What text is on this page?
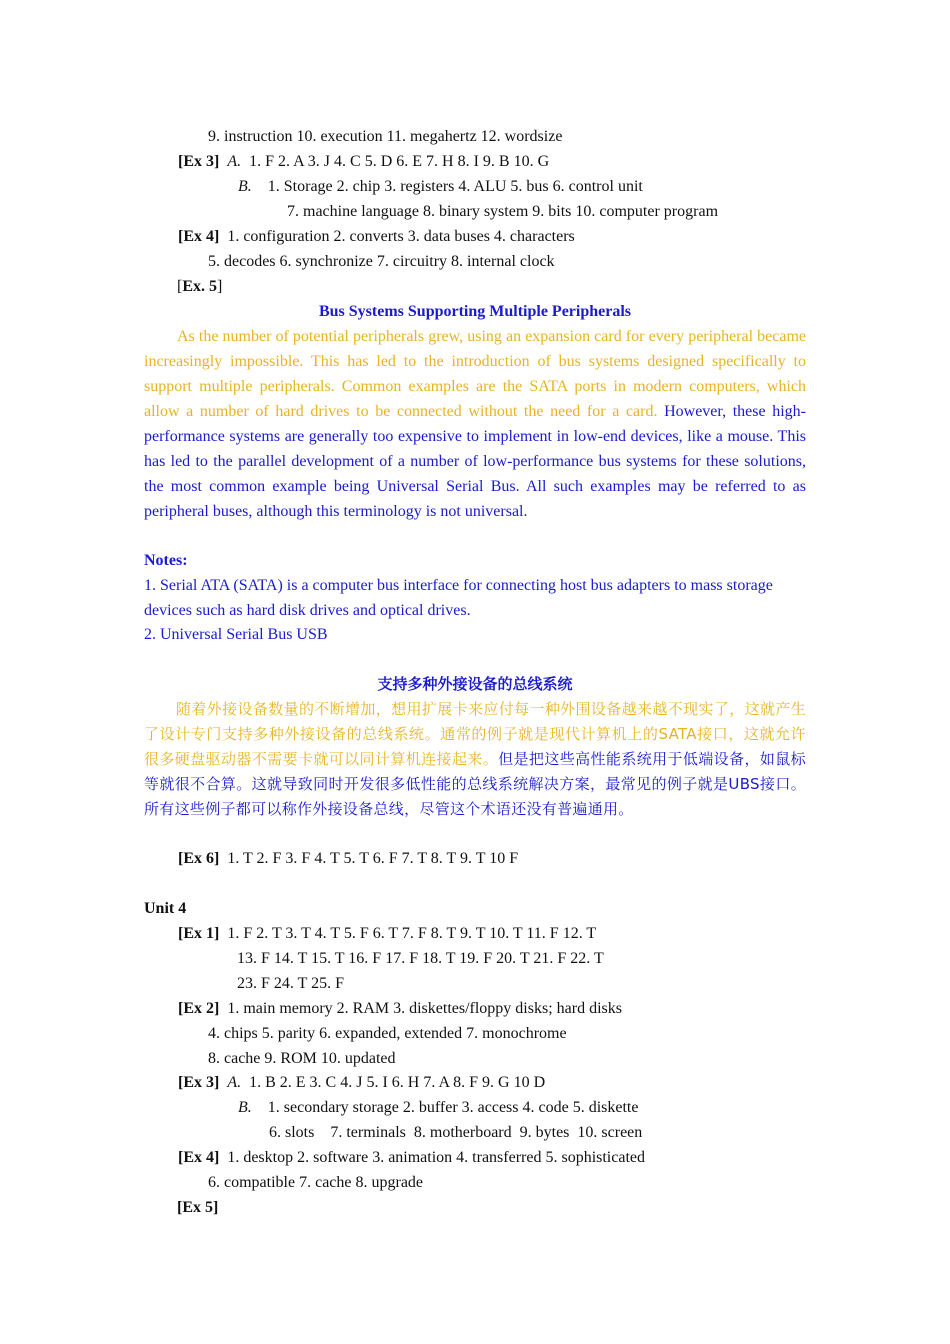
9. instruction 10. execution 11. megahertz 12. wordsize
[Ex 3] A. 1. F 2. A 3. J 4. C 5. D 6. E 7. H 8. I 9. B 10. G
B. 1. Storage 2. chip 3. registers 4. ALU 5. bus 6. control unit
7. machine language 8. binary system 9. bits 10. computer program
[Ex 4] 1. configuration 2. converts 3. data buses 4. characters
5. decodes 6. synchronize 7. circuitry 8. internal clock
[Ex. 5]
Bus Systems Supporting Multiple Peripherals
As the number of potential peripherals grew, using an expansion card for every peripheral became increasingly impossible. This has led to the introduction of bus systems designed specifically to support multiple peripherals. Common examples are the SATA ports in modern computers, which allow a number of hard drives to be connected without the need for a card. However, these high-performance systems are generally too expensive to implement in low-end devices, like a mouse. This has led to the parallel development of a number of low-performance bus systems for these solutions, the most common example being Universal Serial Bus. All such examples may be referred to as peripheral buses, although this terminology is not universal.
Notes:
1. Serial ATA (SATA) is a computer bus interface for connecting host bus adapters to mass storage devices such as hard disk drives and optical drives.
2. Universal Serial Bus USB
支持多种外接设备的总线系统
随着外接设备数量的不断增加，想用扩展卡来应付每一种外围设备越来越不现实了，这就产生了设计专门支持多种外接设备的总线系统。通常的例子就是现代计算机上的SATA接口，这就允许很多硬盘驱动器不需要卡就可以同计算机连接起来。但是把这些高性能系统用于低端设备，如鼠标等就很不合算。这就导致同时开发很多低性能的总线系统解决方案，最常见的例子就是UBS接口。所有这些例子都可以称作外接设备总线，尽管这个术语还没有普遍通用。
[Ex 6] 1. T 2. F 3. F 4. T 5. T 6. F 7. T 8. T 9. T 10 F
Unit 4
[Ex 1] 1. F 2. T 3. T 4. T 5. F 6. T 7. F 8. T 9. T 10. T 11. F 12. T
13. F 14. T 15. T 16. F 17. F 18. T 19. F 20. T 21. F 22. T
23. F 24. T 25. F
[Ex 2] 1. main memory 2. RAM 3. diskettes/floppy disks; hard disks
4. chips 5. parity 6. expanded, extended 7. monochrome
8. cache 9. ROM 10. updated
[Ex 3] A. 1. B 2. E 3. C 4. J 5. I 6. H 7. A 8. F 9. G 10 D
B. 1. secondary storage 2. buffer 3. access 4. code 5. diskette
6. slots    7. terminals  8. motherboard  9. bytes  10. screen
[Ex 4] 1. desktop 2. software 3. animation 4. transferred 5. sophisticated
6. compatible 7. cache 8. upgrade
[Ex 5]
